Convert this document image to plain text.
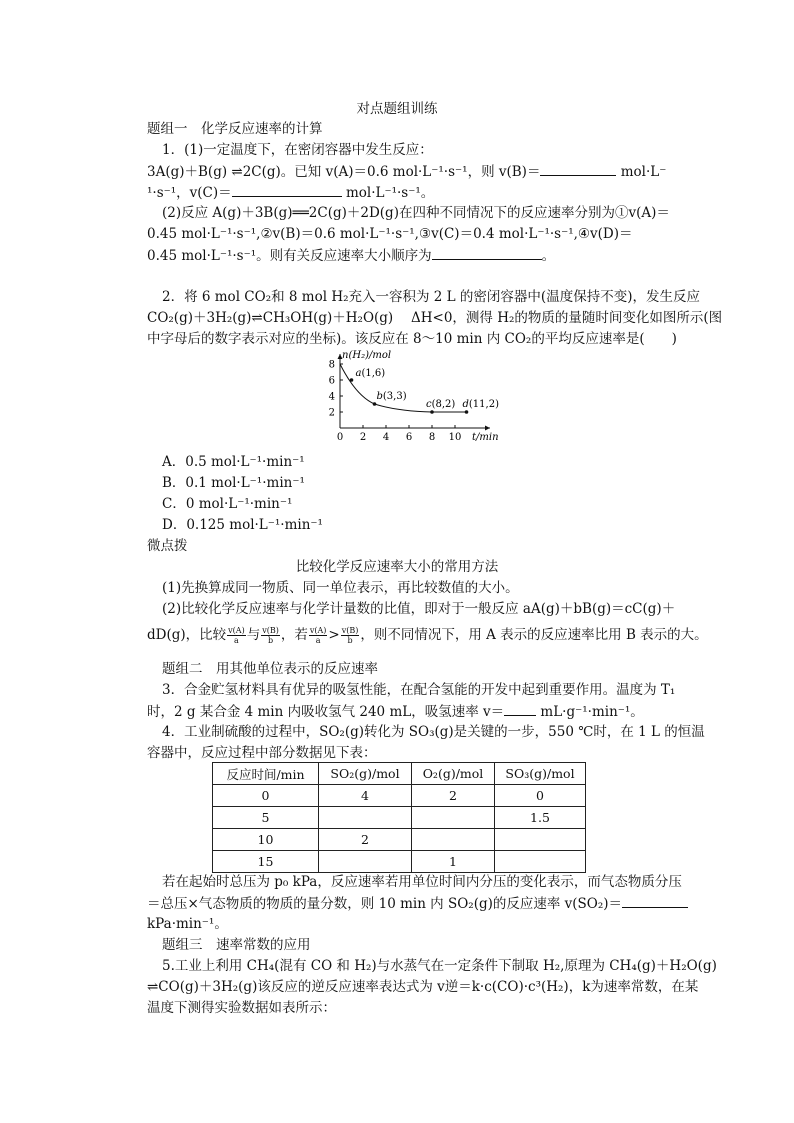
对点题组训练
题组一　化学反应速率的计算
1．(1)一定温度下，在密闭容器中发生反应：
3A(g)＋B(g) ⇌2C(g)。已知 v(A)＝0.6 mol·L⁻¹·s⁻¹，则 v(B)＝	mol·L⁻
¹·s⁻¹，v(C)＝	mol·L⁻¹·s⁻¹。
(2)反应 A(g)＋3B(g)══2C(g)＋2D(g)在四种不同情况下的反应速率分别为①v(A)＝
0.45 mol·L⁻¹·s⁻¹,②v(B)＝0.6 mol·L⁻¹·s⁻¹,③v(C)＝0.4 mol·L⁻¹·s⁻¹,④v(D)＝
0.45 mol·L⁻¹·s⁻¹。则有关反应速率大小顺序为	。
2．将 6 mol CO₂和 8 mol H₂充入一容积为 2 L 的密闭容器中(温度保持不变)，发生反应
CO₂(g)＋3H₂(g)⇌CH₃OH(g)＋H₂O(g)　 ΔH<0，测得 H₂的物质的量随时间变化如图所示(图
中字母后的数字表示对应的坐标)。该反应在 8～10 min 内 CO₂的平均反应速率是(　　)
n(H₂)/mol
t/min
0 2 4 6 8 10
2
4
6
8
a(1,6)
b(3,3)
c(8,2) d(11,2)
A．0.5 mol·L⁻¹·min⁻¹
B．0.1 mol·L⁻¹·min⁻¹
C．0 mol·L⁻¹·min⁻¹
D．0.125 mol·L⁻¹·min⁻¹
微点拨
比较化学反应速率大小的常用方法
(1)先换算成同一物质、同一单位表示，再比较数值的大小。
(2)比较化学反应速率与化学计量数的比值，即对于一般反应 aA(g)＋bB(g)＝cC(g)＋
dD(g)，比较 $\frac{v(A)}{a}$ 与 $\frac{v(B)}{b}$ ，若 $\frac{v(A)}{a} > \frac{v(B)}{b}$ ，则不同情况下，用 A 表示的反应速率比用 B 表示的大。
题组二　用其他单位表示的反应速率
3．合金贮氢材料具有优异的吸氢性能，在配合氢能的开发中起到重要作用。温度为 T₁
时，2 g 某合金 4 min 内吸收氢气 240 mL，吸氢速率 v＝ mL·g⁻¹·min⁻¹。
4．工业制硫酸的过程中，SO₂(g)转化为 SO₃(g)是关键的一步，550 ℃时，在 1 L 的恒温
容器中，反应过程中部分数据见下表：
反应时间/min	SO₂(g)/mol	O₂(g)/mol	SO₃(g)/mol
0	4	2	0
5			1.5
10	2		
15		1	
若在起始时总压为 p₀ kPa，反应速率若用单位时间内分压的变化表示，而气态物质分压
＝总压×气态物质的物质的量分数，则 10 min 内 SO₂(g)的反应速率 v(SO₂)＝
kPa·min⁻¹。
题组三　速率常数的应用
5.工业上利用 CH₄(混有 CO 和 H₂)与水蒸气在一定条件下制取 H₂,原理为 CH₄(g)＋H₂O(g)
⇌CO(g)＋3H₂(g)该反应的逆反应速率表达式为 v逆＝k·c(CO)·c³(H₂)，k为速率常数，在某
温度下测得实验数据如表所示：
